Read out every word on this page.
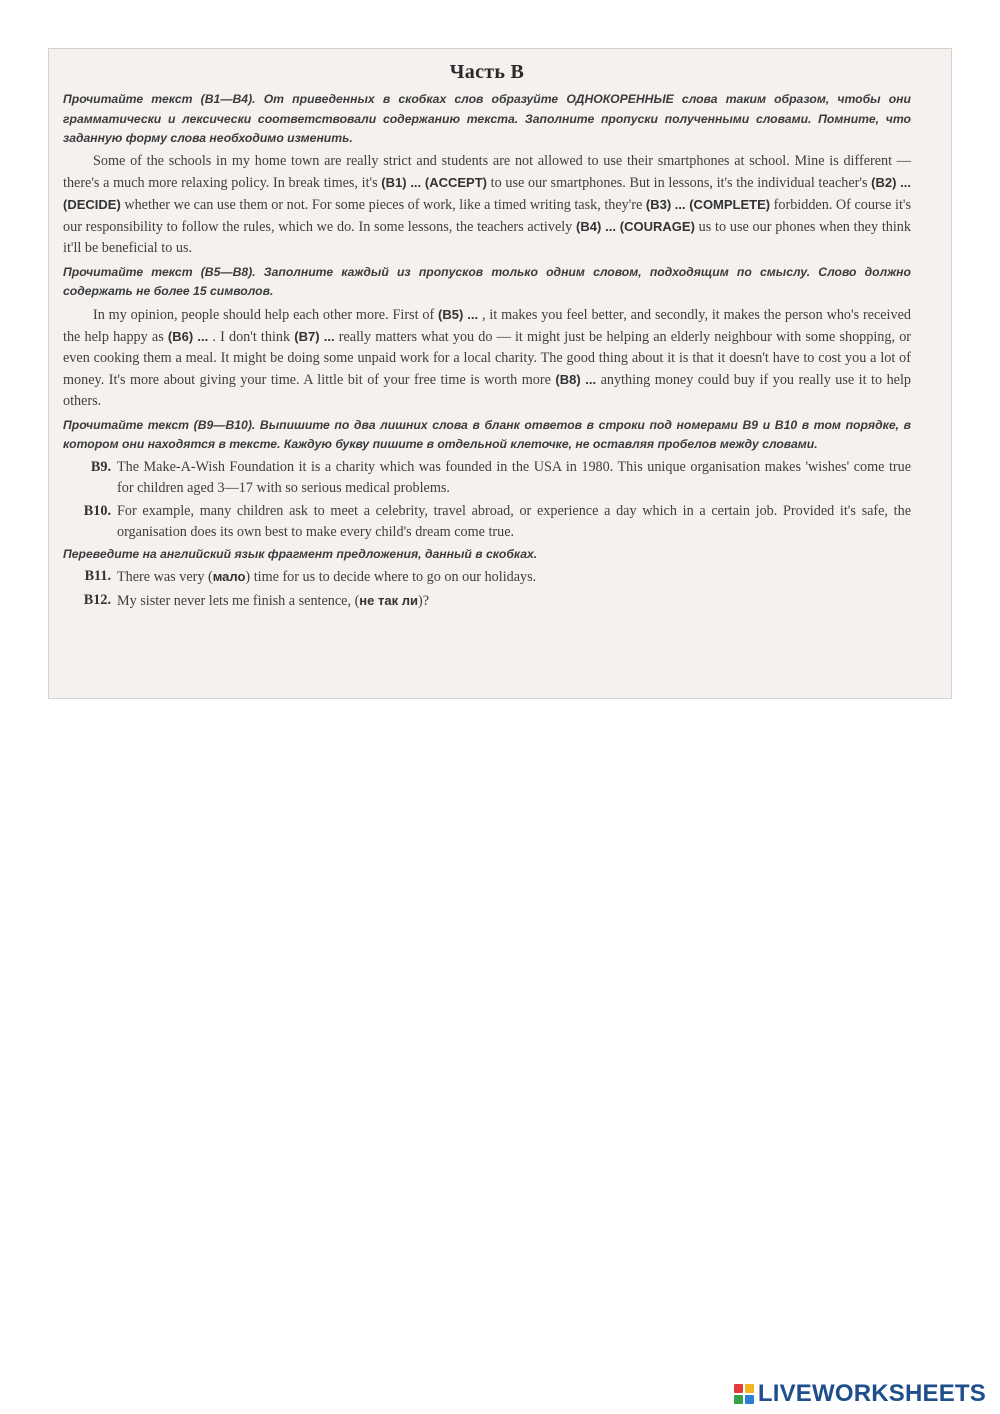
Часть В
Прочитайте текст (В1—В4). От приведенных в скобках слов образуйте ОДНОКОРЕННЫЕ слова таким образом, чтобы они грамматически и лексически соответствовали содержанию текста. Заполните пропуски полученными словами. Помните, что заданную форму слова необходимо изменить.

Some of the schools in my home town are really strict and students are not allowed to use their smartphones at school. Mine is different — there's a much more relaxing policy. In break times, it's (B1) ... (ACCEPT) to use our smartphones. But in lessons, it's the individual teacher's (B2) ... (DECIDE) whether we can use them or not. For some pieces of work, like a timed writing task, they're (B3) ... (COMPLETE) forbidden. Of course it's our responsibility to follow the rules, which we do. In some lessons, the teachers actively (B4) ... (COURAGE) us to use our phones when they think it'll be beneficial to us.

Прочитайте текст (В5—В8). Заполните каждый из пропусков только одним словом, подходящим по смыслу. Слово должно содержать не более 15 символов.

In my opinion, people should help each other more. First of (B5) ... , it makes you feel better, and secondly, it makes the person who's received the help happy as (B6) ... . I don't think (B7) ... really matters what you do — it might just be helping an elderly neighbour with some shopping, or even cooking them a meal. It might be doing some unpaid work for a local charity. The good thing about it is that it doesn't have to cost you a lot of money. It's more about giving your time. A little bit of your free time is worth more (B8) ... anything money could buy if you really use it to help others.

Прочитайте текст (В9—В10). Выпишите по два лишних слова в бланк ответов в строки под номерами В9 и В10 в том порядке, в котором они находятся в тексте. Каждую букву пишите в отдельной клеточке, не оставляя пробелов между словами.
B9. The Make-A-Wish Foundation it is a charity which was founded in the USA in 1980. This unique organisation makes 'wishes' come true for children aged 3—17 with so serious medical problems.
B10. For example, many children ask to meet a celebrity, travel abroad, or experience a day which in a certain job. Provided it's safe, the organisation does its own best to make every child's dream come true.
Переведите на английский язык фрагмент предложения, данный в скобках.
B11. There was very (мало) time for us to decide where to go on our holidays.
B12. My sister never lets me finish a sentence, (не так ли)?
LIVEWORKSHEETS
